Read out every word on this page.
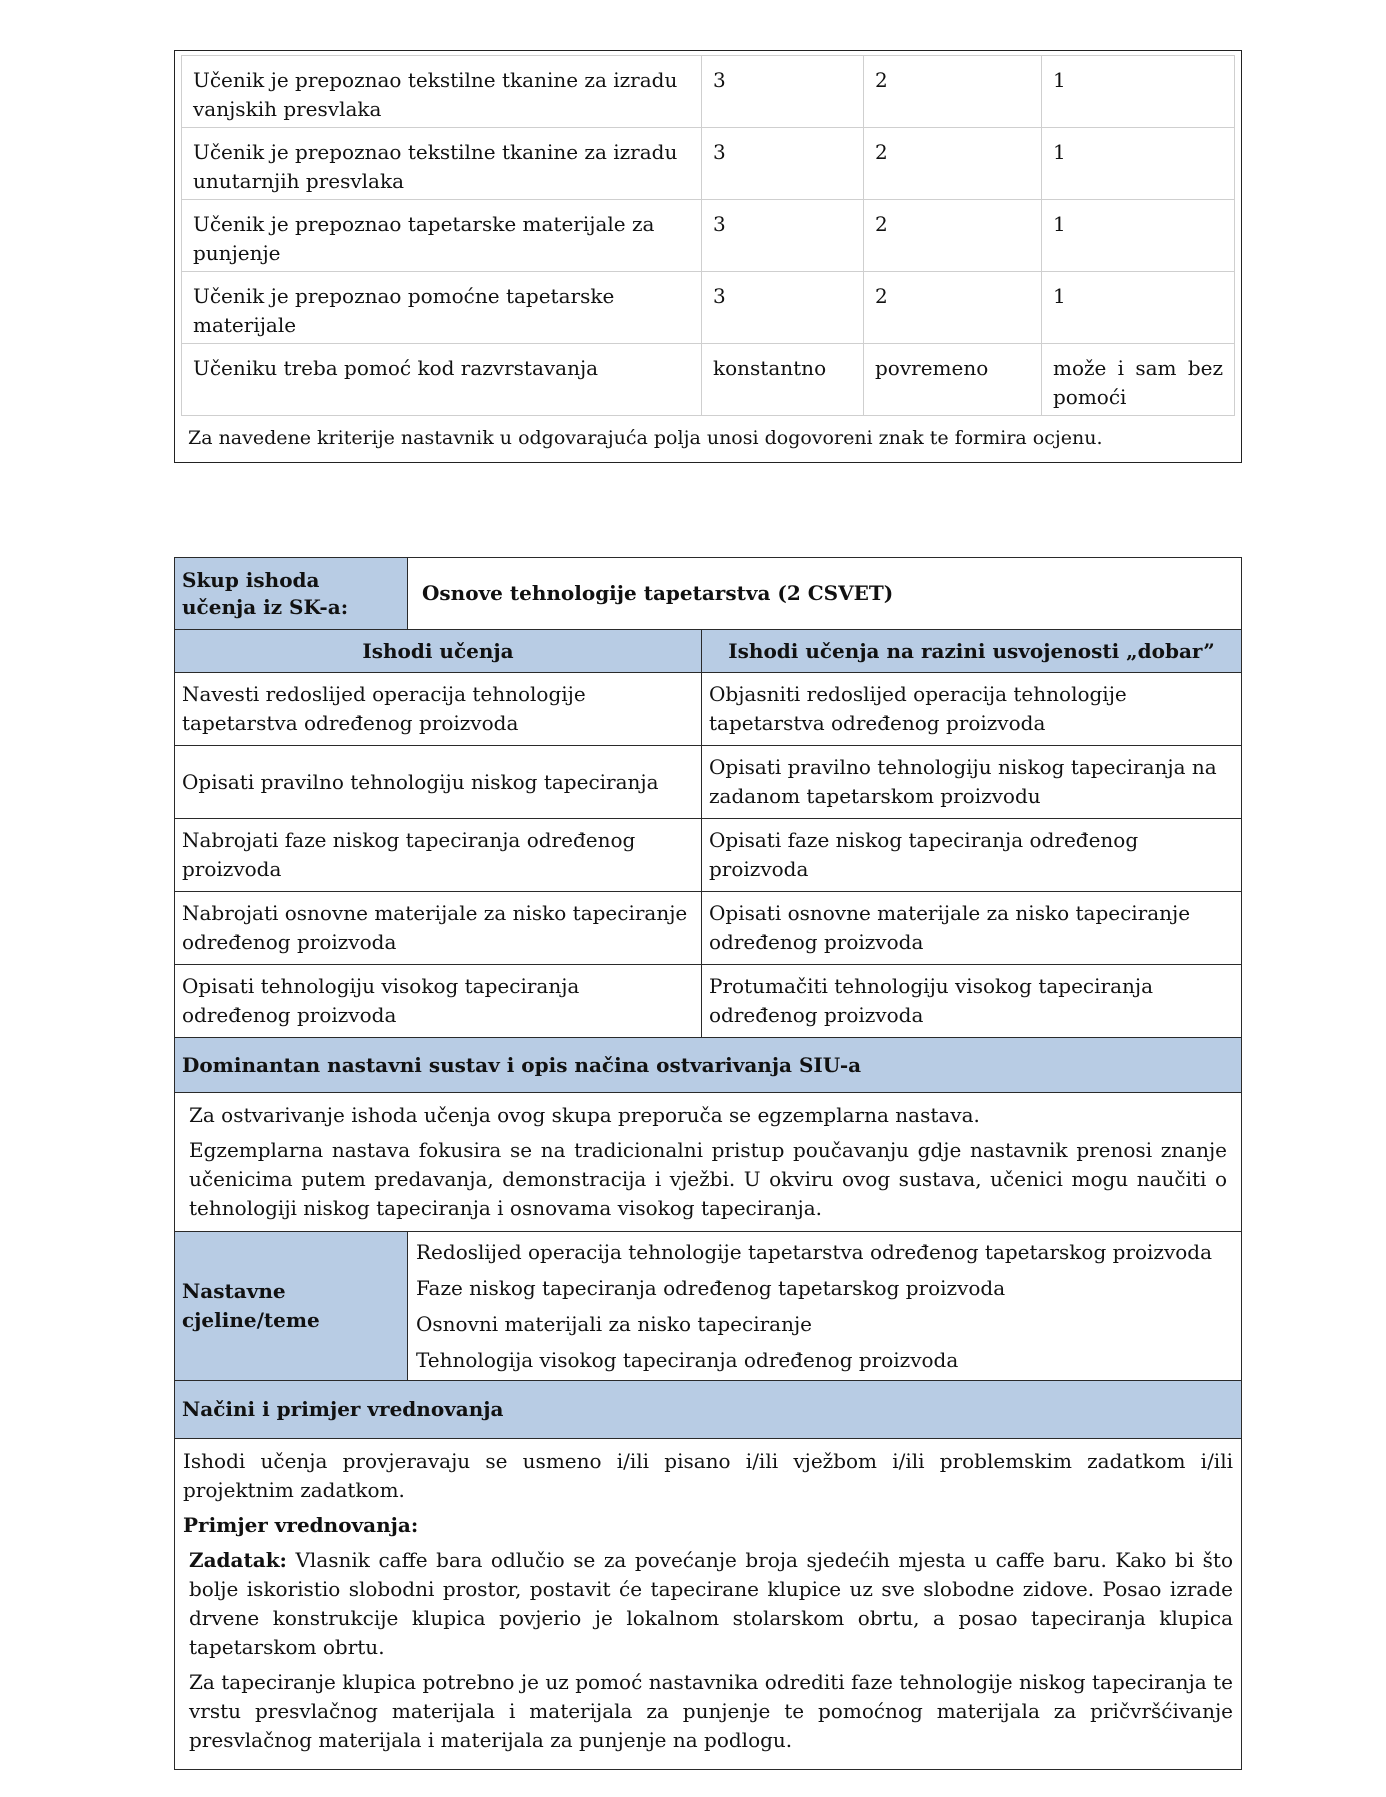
Učenik je prepoznao tekstilne tkanine za izradu vanjskih presvlaka	3	2	1
Učenik je prepoznao tekstilne tkanine za izradu unutarnjih presvlaka	3	2	1
Učenik je prepoznao tapetarske materijale za punjenje	3	2	1
Učenik je prepoznao pomoćne tapetarske materijale	3	2	1
Učeniku treba pomoć kod razvrstavanja	konstantno	povremeno	može i sam bez pomoći
Za navedene kriterije nastavnik u odgovarajuća polja unosi dogovoreni znak te formira ocjenu.
Skup ishoda učenja iz SK-a:	Osnove tehnologije tapetarstva (2 CSVET)	
Ishodi učenja		Ishodi učenja na razini usvojenosti „dobar”
Navesti redoslijed operacija tehnologije tapetarstva određenog proizvoda		Objasniti redoslijed operacija tehnologije tapetarstva određenog proizvoda
Opisati pravilno tehnologiju niskog tapeciranja		Opisati pravilno tehnologiju niskog tapeciranja na zadanom tapetarskom proizvodu
Nabrojati faze niskog tapeciranja određenog proizvoda		Opisati faze niskog tapeciranja određenog proizvoda
Nabrojati osnovne materijale za nisko tapeciranje određenog proizvoda		Opisati osnovne materijale za nisko tapeciranje određenog proizvoda
Opisati tehnologiju visokog tapeciranja određenog proizvoda		Protumačiti tehnologiju visokog tapeciranja određenog proizvoda
Dominantan nastavni sustav i opis načina ostvarivanja SIU-a		

Za ostvarivanje ishoda učenja ovog skupa preporuča se egzemplarna nastava.

Egzemplarna nastava fokusira se na tradicionalni pristup poučavanju gdje nastavnik prenosi znanje učenicima putem predavanja, demonstracija i vježbi. U okviru ovog sustava, učenici mogu naučiti o tehnologiji niskog tapeciranja i osnovama visokog tapeciranja.		

Nastavne cjeline/teme	Redoslijed operacija tehnologije tapetarstva određenog tapetarskog proizvoda
Faze niskog tapeciranja određenog tapetarskog proizvoda
Osnovni materijali za nisko tapeciranje
Tehnologija visokog tapeciranja određenog proizvoda	

Načini i primjer vrednovanja		

Ishodi učenja provjeravaju se usmeno i/ili pisano i/ili vježbom i/ili problemskim zadatkom i/ili projektnim zadatkom.

Primjer vrednovanja:

Zadatak: Vlasnik caffe bara odlučio se za povećanje broja sjedećih mjesta u caffe baru. Kako bi što bolje iskoristio slobodni prostor, postavit će tapecirane klupice uz sve slobodne zidove. Posao izrade drvene konstrukcije klupica povjerio je lokalnom stolarskom obrtu, a posao tapeciranja klupica tapetarskom obrtu.

Za tapeciranje klupica potrebno je uz pomoć nastavnika odrediti faze tehnologije niskog tapeciranja te vrstu presvlačnog materijala i materijala za punjenje te pomoćnog materijala za pričvršćivanje presvlačnog materijala i materijala za punjenje na podlogu.		
